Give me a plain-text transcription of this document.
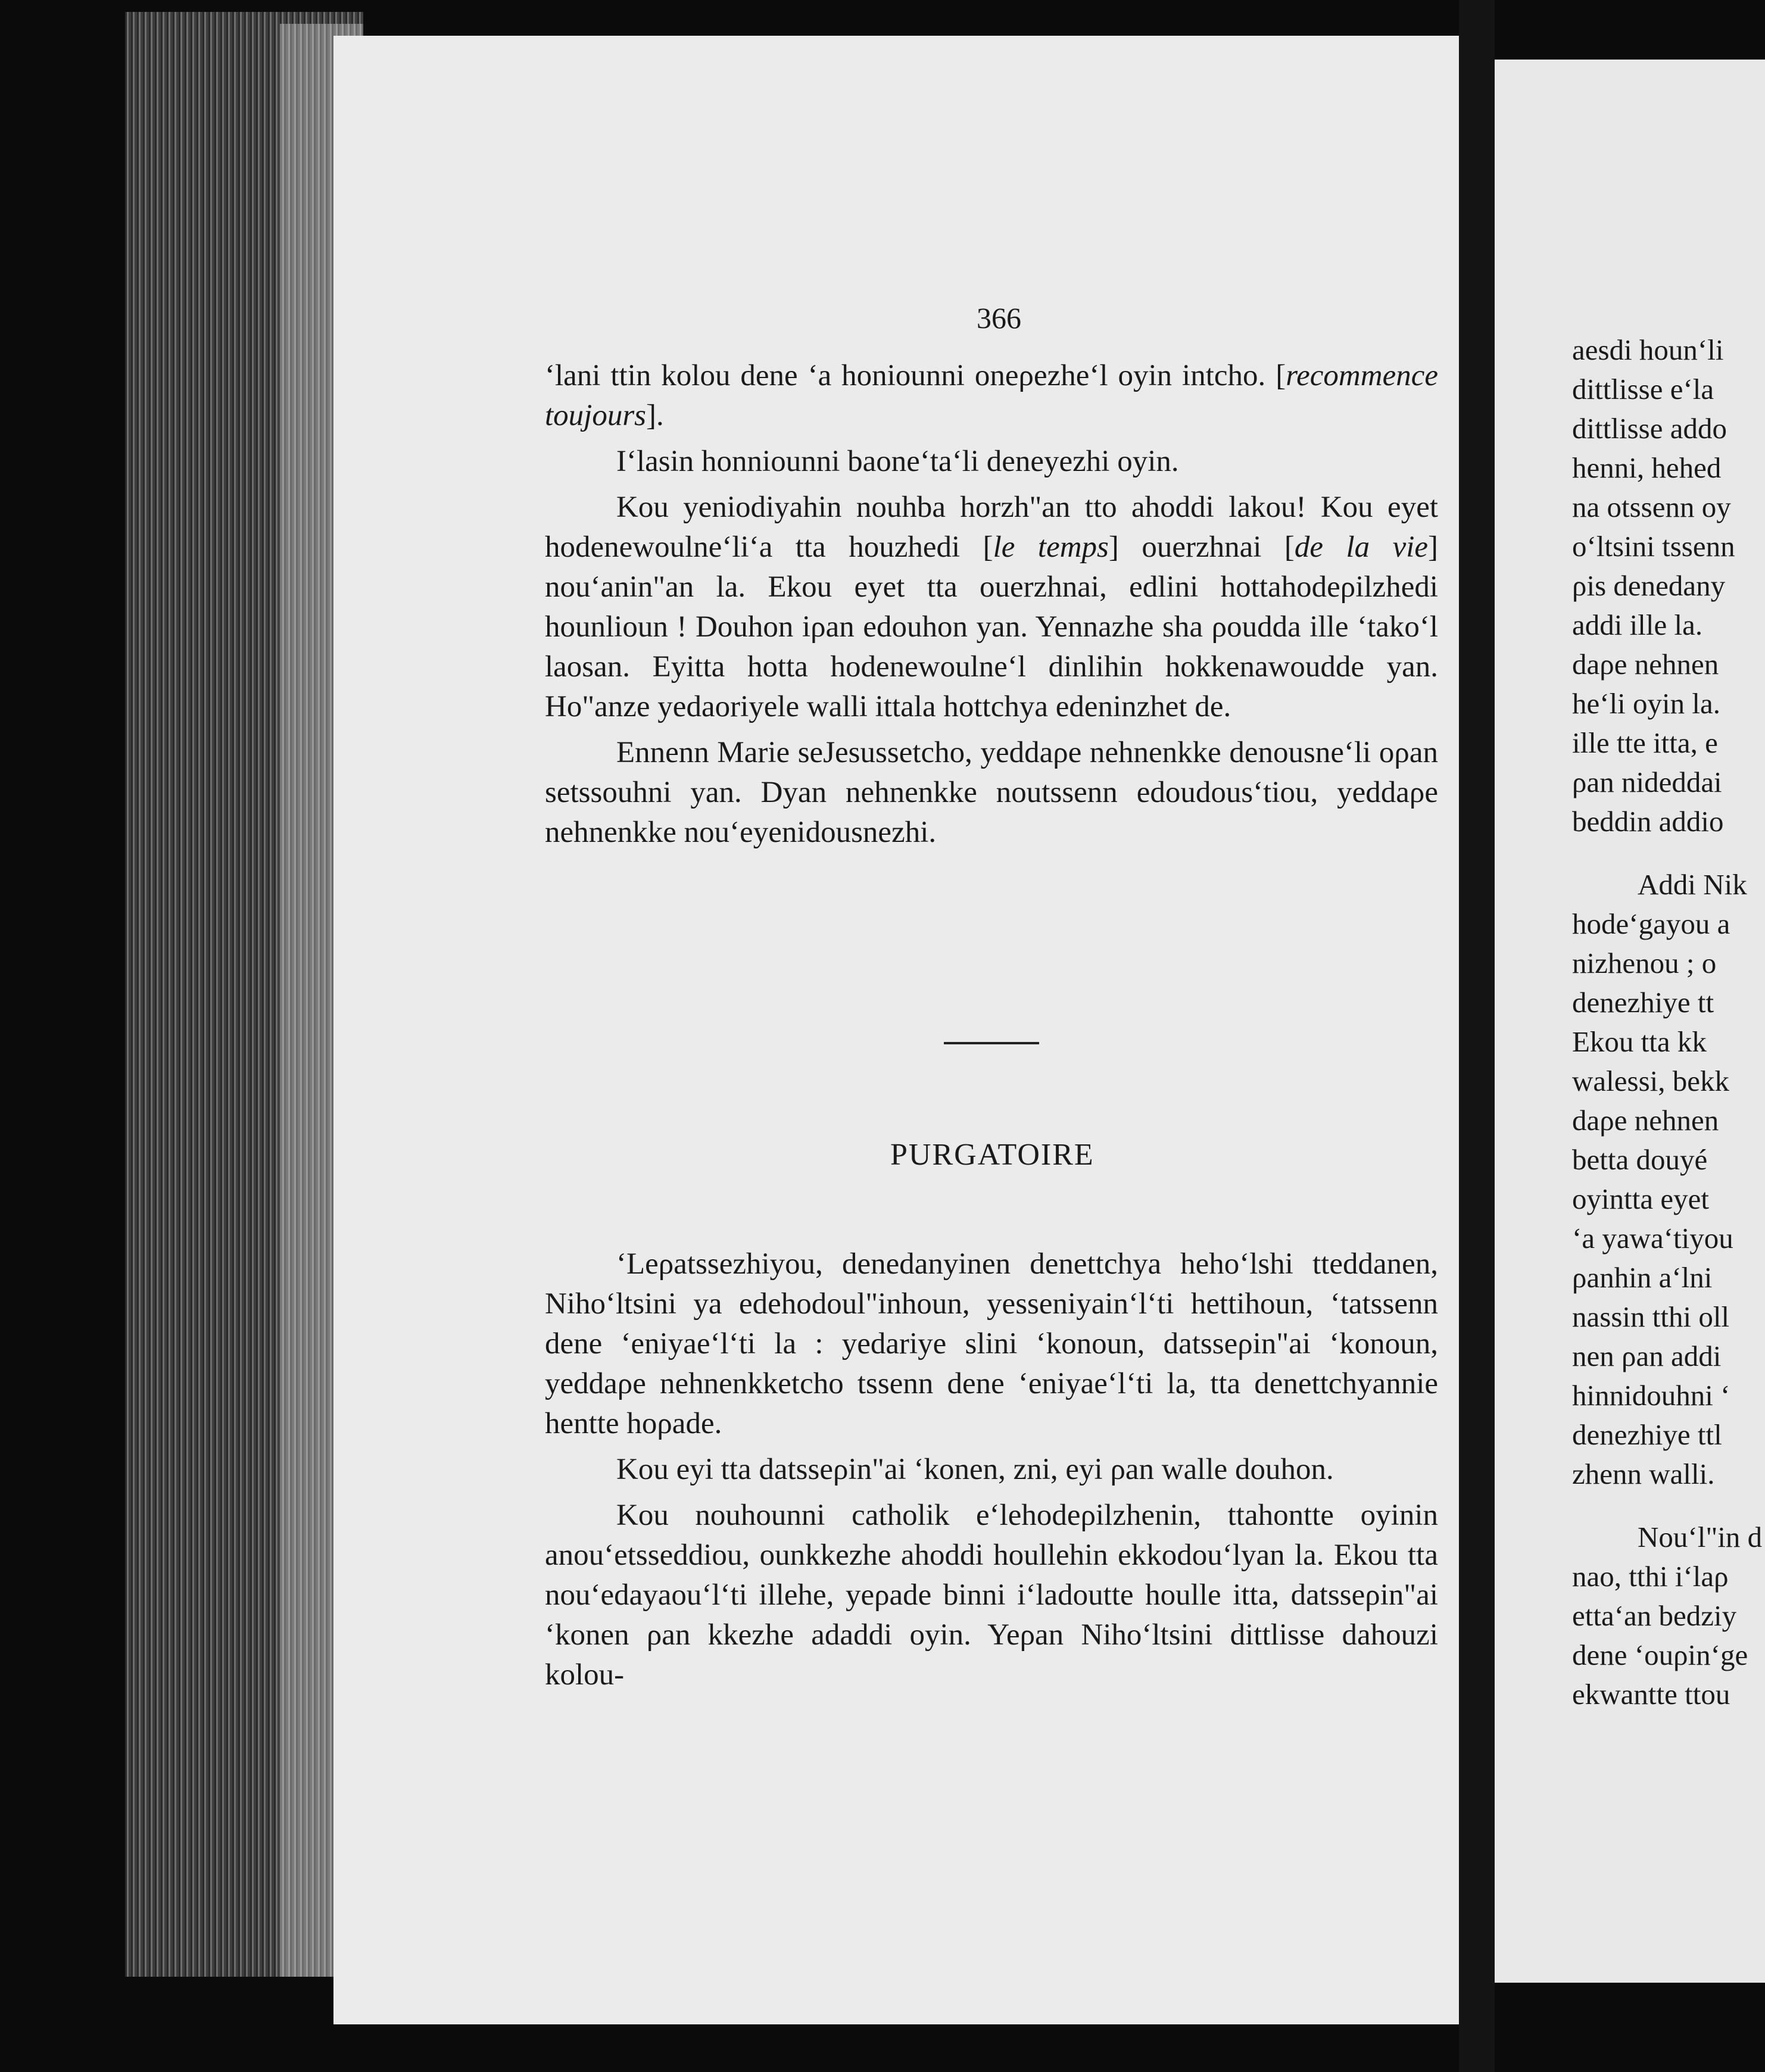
366

‘lani ttin kolou dene ‘a honiounni oneρezhe‘l oyin intcho. [recommence toujours].

I‘lasin honniounni baone‘ta‘li deneyezhi oyin.

Kou yeniodiyahin nouhba horzh"an tto ahoddi lakou! Kou eyet hodenewoulne‘li‘a tta houzhedi [le temps] ouerzhnai [de la vie] nou‘anin"an la. Ekou eyet tta ouerzhnai, edlini hottahodeρilzhedi hounlioun ! Douhon iρan edouhon yan. Yennazhe sha ρoudda ille ‘tako‘l laosan. Eyitta hotta hodenewoulne‘l dinlihin hokkenawoudde yan. Ho"anze yedaoriyele walli ittala hottchya edeninzhet de.

Ennenn Marie seJesussetcho, yeddaρe nehnenkke denousne‘li oρan setssouhni yan. Dyan nehnenkke noutssenn edoudous‘tiou, yeddaρe nehnenkke nou‘eyenidousnezhi.

PURGATOIRE

‘Leρatssezhiyou, denedanyinen denettchya heho‘lshi tteddanen, Niho‘ltsini ya edehodoul"inhoun, yesseniyain‘l‘ti hettihoun, ‘tatssenn dene ‘eniyae‘l‘ti la : yedariye slini ‘konoun, datsseρin"ai ‘konoun, yeddaρe nehnenkketcho tssenn dene ‘eniyae‘l‘ti la, tta denettchyannie hentte hoρade.

Kou eyi tta datsseρin"ai ‘konen, zni, eyi ρan walle douhon.

Kou nouhounni catholik e‘lehodeρilzhenin, ttahontte oyinin anou‘etsseddiou, ounkkezhe ahoddi houllehin ekkodou‘lyan la. Ekou tta nou‘edayaou‘l‘ti illehe, yeρade binni i‘ladoutte houlle itta, datsseρin"ai ‘konen ρan kkezhe adaddi oyin. Yeρan Niho‘ltsini dittlisse dahouzi kolou-

aesdi houn‘li
dittlisse e‘la
dittlisse addo
henni, hehed
na otssenn oy
o‘ltsini tssenn
ρis denedany
addi ille la.
daρe nehnen
he‘li oyin la.
ille tte itta, e
ρan nideddai
beddin addio
Addi Nik
hode‘gayou a
nizhenou ; o
denezhiye tt
Ekou tta kk
walessi, bekk
daρe nehnen
betta douyé
oyintta eyet
‘a yawa‘tiyou
ρanhin a‘lni
nassin tthi oll
nen ρan addi
hinnidouhni ‘
denezhiye ttl
zhenn walli.
Nou‘l"in d
nao, tthi i‘laρ
etta‘an bedziy
dene ‘ouρin‘ge
ekwantte ttou
